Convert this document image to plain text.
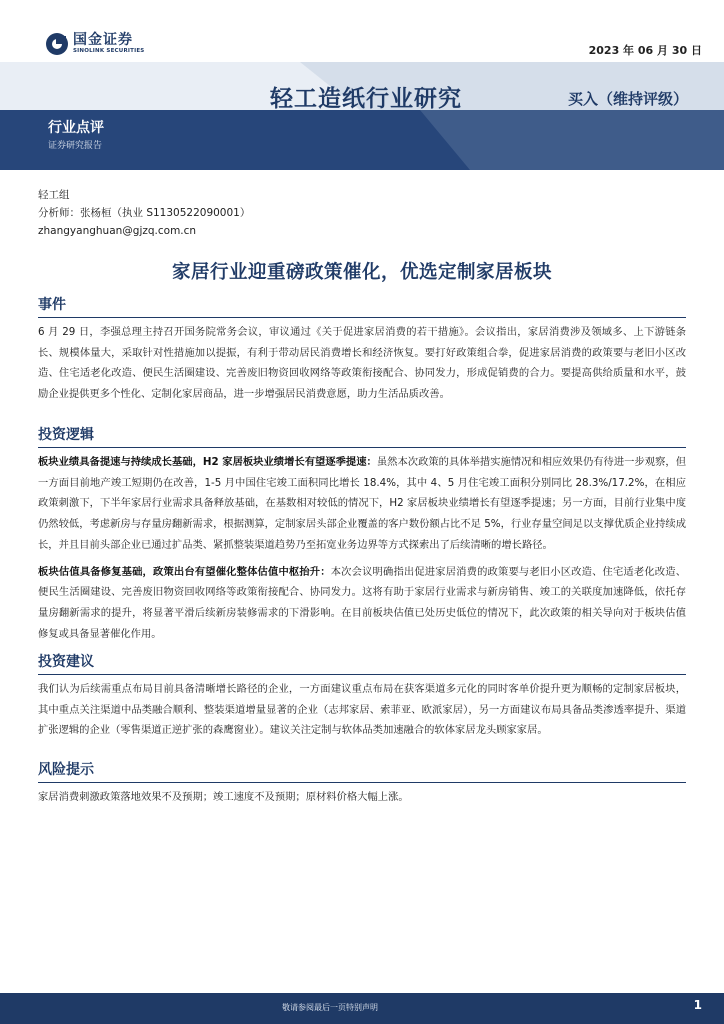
国金证券
SINOLINK SECURITIES	2023 年 06 月 30 日
轻工造纸行业研究	买入（维持评级）
行业点评
证券研究报告
轻工组
分析师：张杨桓（执业 S1130522090001）
zhangyanghuan@gjzq.com.cn
家居行业迎重磅政策催化，优选定制家居板块
事件
6 月 29 日，李强总理主持召开国务院常务会议，审议通过《关于促进家居消费的若干措施》。会议指出，家居消费涉及领域多、上下游链条长、规模体量大，采取针对性措施加以提振，有利于带动居民消费增长和经济恢复。要打好政策组合拳，促进家居消费的政策要与老旧小区改造、住宅适老化改造、便民生活圈建设、完善废旧物资回收网络等政策衔接配合、协同发力，形成促销费的合力。要提高供给质量和水平，鼓励企业提供更多个性化、定制化家居商品，进一步增强居民消费意愿，助力生活品质改善。
投资逻辑
板块业绩具备提速与持续成长基础，H2 家居板块业绩增长有望逐季提速：虽然本次政策的具体举措实施情况和相应效果仍有待进一步观察，但一方面目前地产竣工短期仍在改善，1-5 月中国住宅竣工面积同比增长 18.4%，其中 4、5 月住宅竣工面积分别同比 28.3%/17.2%，在相应政策刺激下，下半年家居行业需求具备释放基础，在基数相对较低的情况下，H2 家居板块业绩增长有望逐季提速；另一方面，目前行业集中度仍然较低，考虑新房与存量房翻新需求，根据测算，定制家居头部企业覆盖的客户数份额占比不足 5%，行业存量空间足以支撑优质企业持续成长，并且目前头部企业已通过扩品类、紧抓整装渠道趋势乃至拓宽业务边界等方式探索出了后续清晰的增长路径。
板块估值具备修复基础，政策出台有望催化整体估值中枢抬升：本次会议明确指出促进家居消费的政策要与老旧小区改造、住宅适老化改造、便民生活圈建设、完善废旧物资回收网络等政策衔接配合、协同发力。这将有助于家居行业需求与新房销售、竣工的关联度加速降低，依托存量房翻新需求的提升，将显著平滑后续新房装修需求的下滑影响。在目前板块估值已处历史低位的情况下，此次政策的相关导向对于板块估值修复或具备显著催化作用。
投资建议
我们认为后续需重点布局目前具备清晰增长路径的企业，一方面建议重点布局在获客渠道多元化的同时客单价提升更为顺畅的定制家居板块，其中重点关注渠道中品类融合顺利、整装渠道增量显著的企业（志邦家居、索菲亚、欧派家居），另一方面建议布局具备品类渗透率提升、渠道扩张逻辑的企业（零售渠道正逆扩张的森鹰窗业）。建议关注定制与软体品类加速融合的软体家居龙头顾家家居。
风险提示
家居消费刺激政策落地效果不及预期；竣工速度不及预期；原材料价格大幅上涨。
敬请参阅最后一页特别声明	1
